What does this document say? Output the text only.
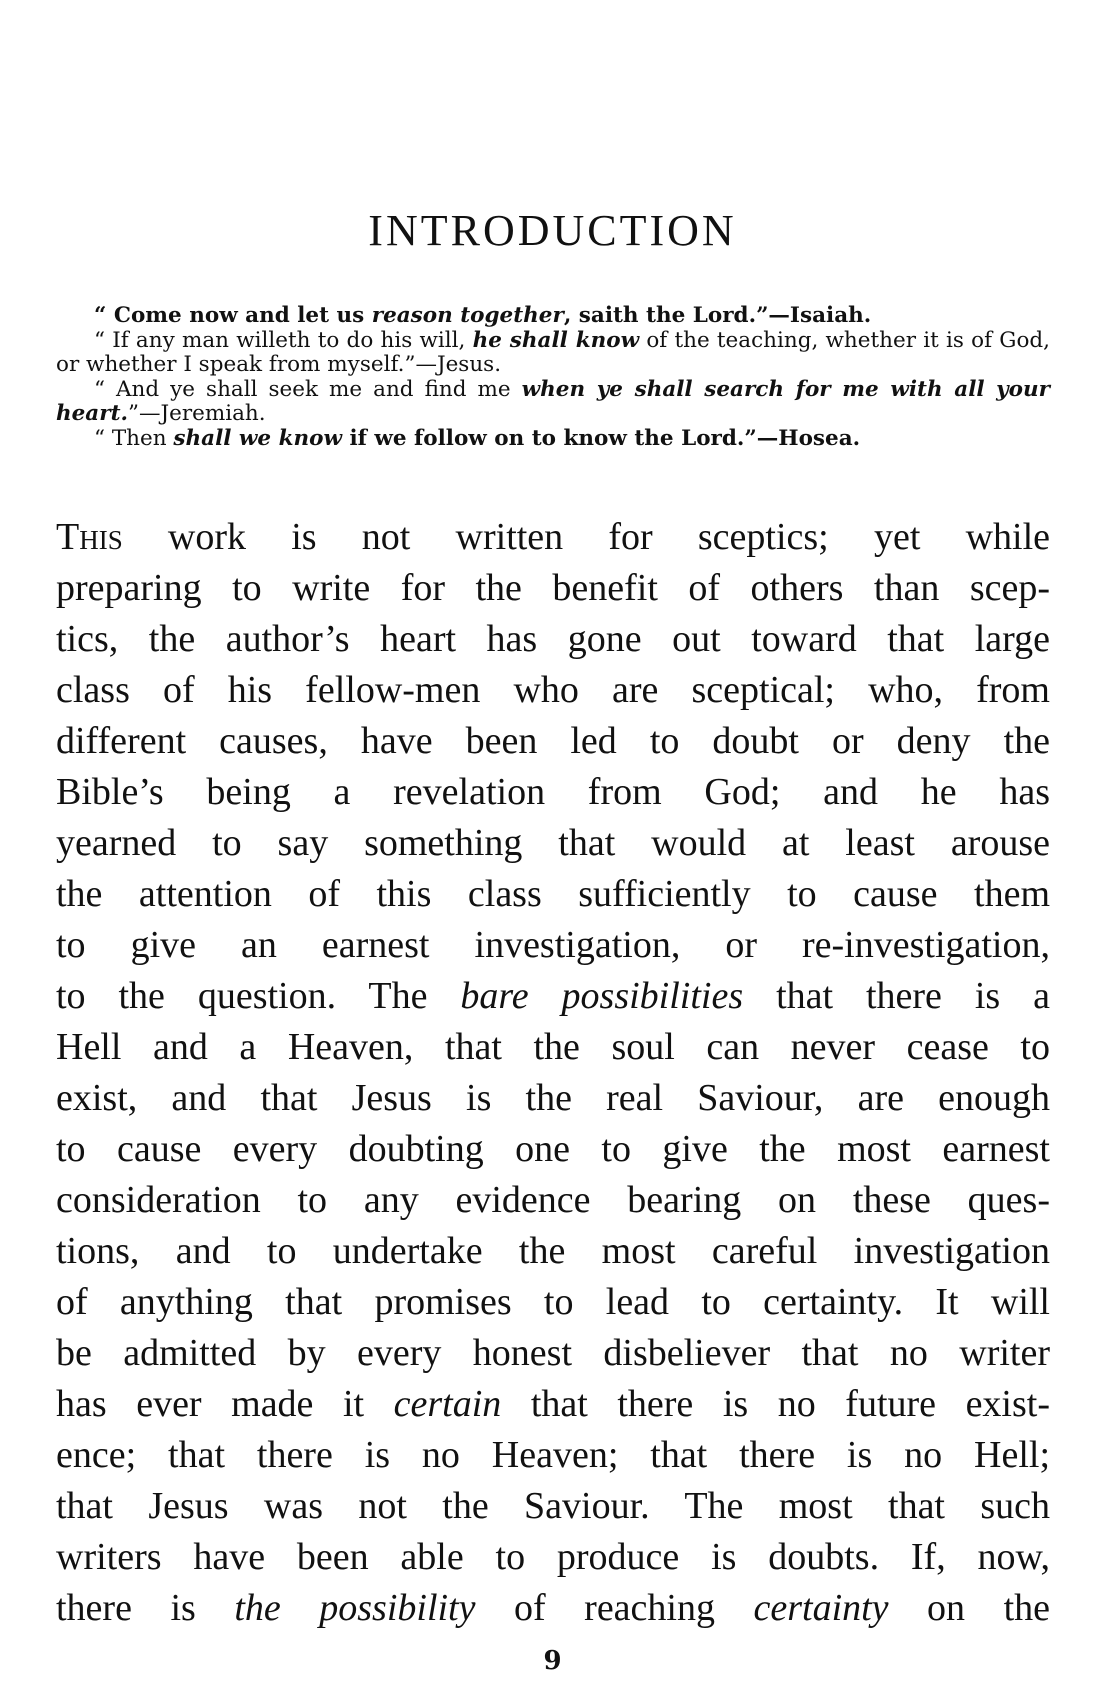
INTRODUCTION

“ Come now and let us reason together, saith the Lord.”—Isaiah.

“ If any man willeth to do his will, he shall know of the teaching, whether it is of God, or whether I speak from myself.”—Jesus.

“ And ye shall seek me and find me when ye shall search for me with all your heart.”—Jeremiah.

“ Then shall we know if we follow on to know the Lord.”—Hosea.

This work is not written for sceptics; yet while
preparing to write for the benefit of others than scep-
tics, the author’s heart has gone out toward that large
class of his fellow-men who are sceptical; who, from
different causes, have been led to doubt or deny the
Bible’s being a revelation from God; and he has
yearned to say something that would at least arouse
the attention of this class sufficiently to cause them
to give an earnest investigation, or re-investigation,
to the question. The bare possibilities that there is a
Hell and a Heaven, that the soul can never cease to
exist, and that Jesus is the real Saviour, are enough
to cause every doubting one to give the most earnest
consideration to any evidence bearing on these ques-
tions, and to undertake the most careful investigation
of anything that promises to lead to certainty. It will
be admitted by every honest disbeliever that no writer
has ever made it certain that there is no future exist-
ence; that there is no Heaven; that there is no Hell;
that Jesus was not the Saviour. The most that such
writers have been able to produce is doubts. If, now,
there is the possibility of reaching certainty on the
9
